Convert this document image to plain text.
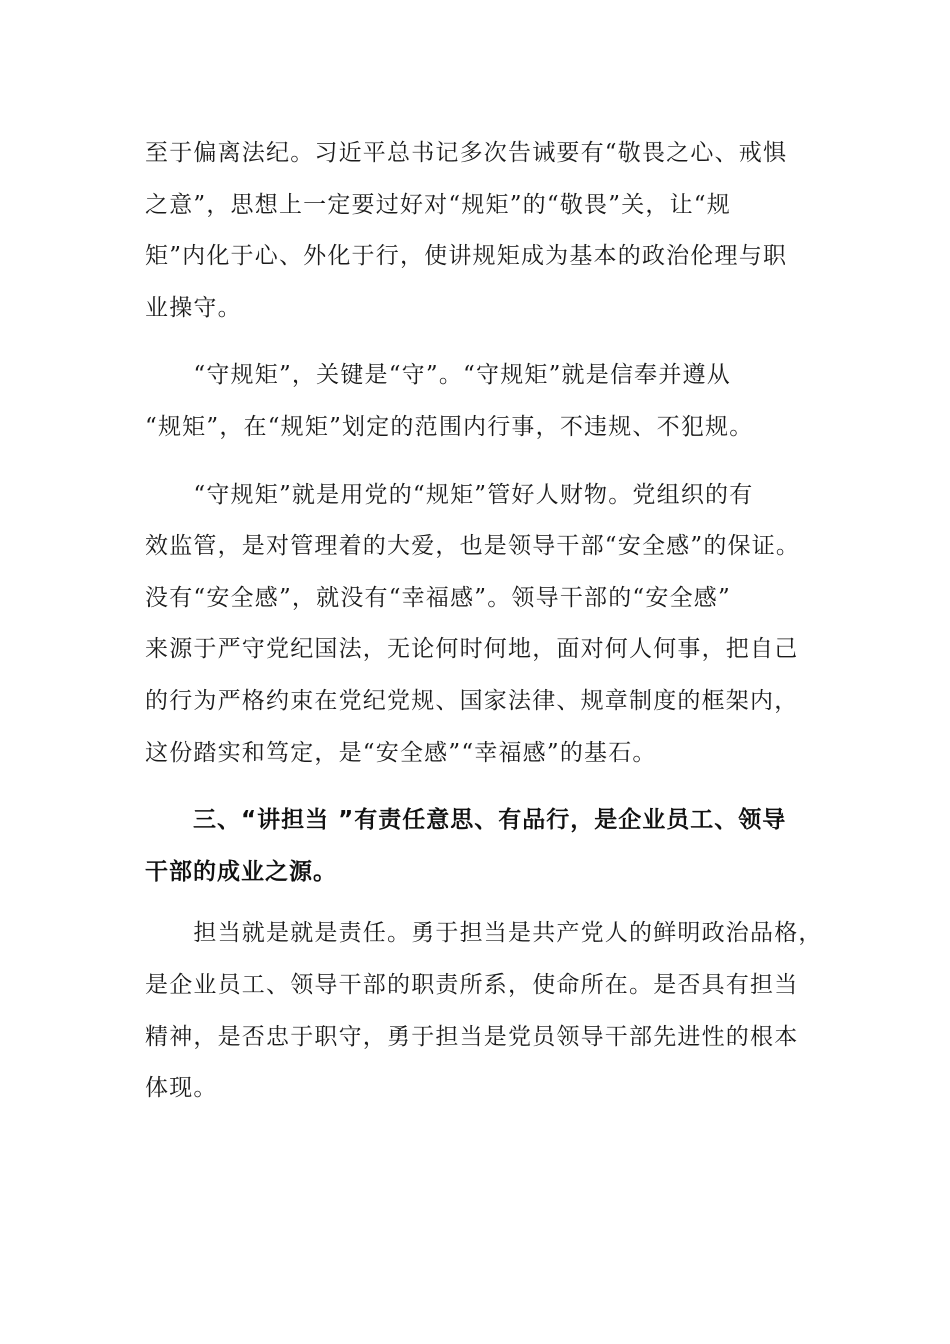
至于偏离法纪。习近平总书记多次告诫要有“敬畏之心、戒惧
之意”，思想上一定要过好对“规矩”的“敬畏”关，让“规
矩”内化于心、外化于行，使讲规矩成为基本的政治伦理与职
业操守。

　　“守规矩”，关键是“守”。“守规矩”就是信奉并遵从
“规矩”，在“规矩”划定的范围内行事，不违规、不犯规。

　　“守规矩”就是用党的“规矩”管好人财物。党组织的有
效监管，是对管理着的大爱，也是领导干部“安全感”的保证。
没有“安全感”，就没有“幸福感”。领导干部的“安全感”
来源于严守党纪国法，无论何时何地，面对何人何事，把自己
的行为严格约束在党纪党规、国家法律、规章制度的框架内，
这份踏实和笃定，是“安全感”“幸福感”的基石。

　　三、“讲担当 ”有责任意思、有品行，是企业员工、领导
干部的成业之源。

　　担当就是就是责任。勇于担当是共产党人的鲜明政治品格，
是企业员工、领导干部的职责所系，使命所在。是否具有担当
精神，是否忠于职守，勇于担当是党员领导干部先进性的根本
体现。
